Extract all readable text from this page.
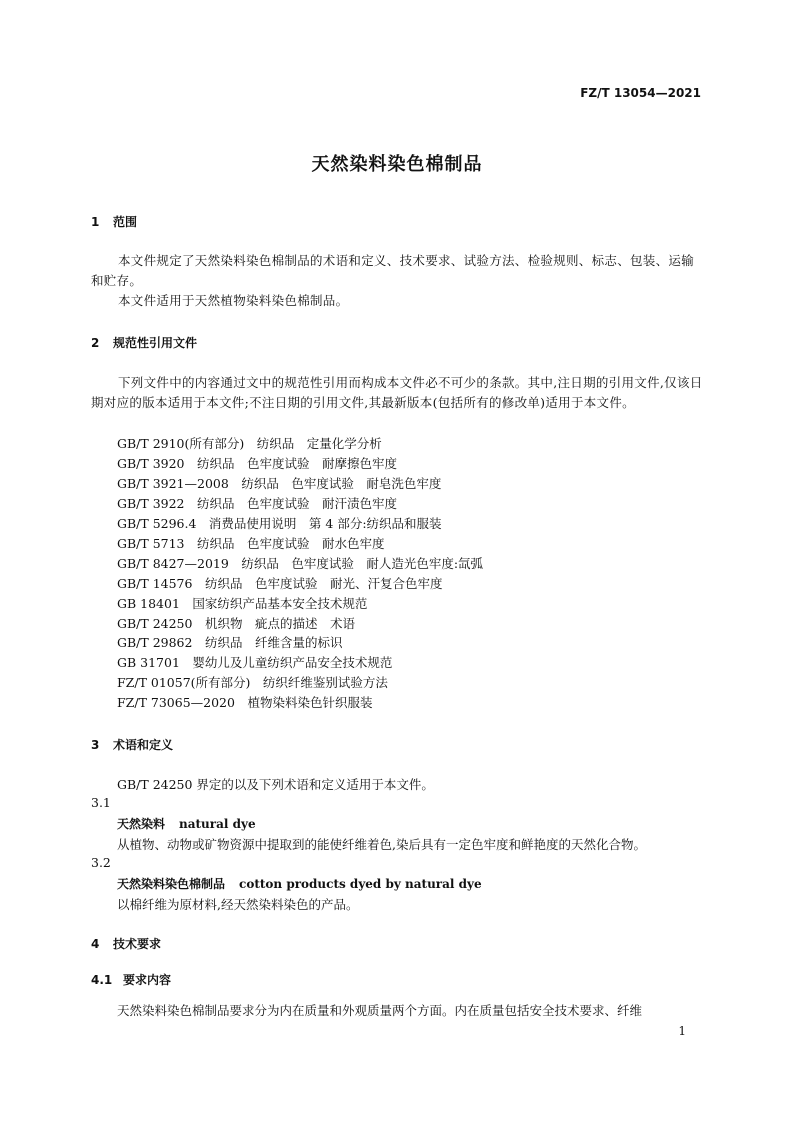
FZ/T 13054—2021
天然染料染色棉制品
1 范围
本文件规定了天然染料染色棉制品的术语和定义、技术要求、试验方法、检验规则、标志、包装、运输和贮存。
本文件适用于天然植物染料染色棉制品。
2 规范性引用文件
下列文件中的内容通过文中的规范性引用而构成本文件必不可少的条款。其中,注日期的引用文件,仅该日期对应的版本适用于本文件;不注日期的引用文件,其最新版本(包括所有的修改单)适用于本文件。
GB/T 2910(所有部分)　纺织品　定量化学分析
GB/T 3920　纺织品　色牢度试验　耐摩擦色牢度
GB/T 3921—2008　纺织品　色牢度试验　耐皂洗色牢度
GB/T 3922　纺织品　色牢度试验　耐汗渍色牢度
GB/T 5296.4　消费品使用说明　第 4 部分:纺织品和服装
GB/T 5713　纺织品　色牢度试验　耐水色牢度
GB/T 8427—2019　纺织品　色牢度试验　耐人造光色牢度:氙弧
GB/T 14576　纺织品　色牢度试验　耐光、汗复合色牢度
GB 18401　国家纺织产品基本安全技术规范
GB/T 24250　机织物　疵点的描述　术语
GB/T 29862　纺织品　纤维含量的标识
GB 31701　婴幼儿及儿童纺织产品安全技术规范
FZ/T 01057(所有部分)　纺织纤维鉴别试验方法
FZ/T 73065—2020　植物染料染色针织服装
3 术语和定义
GB/T 24250 界定的以及下列术语和定义适用于本文件。
3.1
天然染料 natural dye
从植物、动物或矿物资源中提取到的能使纤维着色,染后具有一定色牢度和鲜艳度的天然化合物。
3.2
天然染料染色棉制品 cotton products dyed by natural dye
以棉纤维为原材料,经天然染料染色的产品。
4 技术要求
4.1 要求内容
天然染料染色棉制品要求分为内在质量和外观质量两个方面。内在质量包括安全技术要求、纤维
1
